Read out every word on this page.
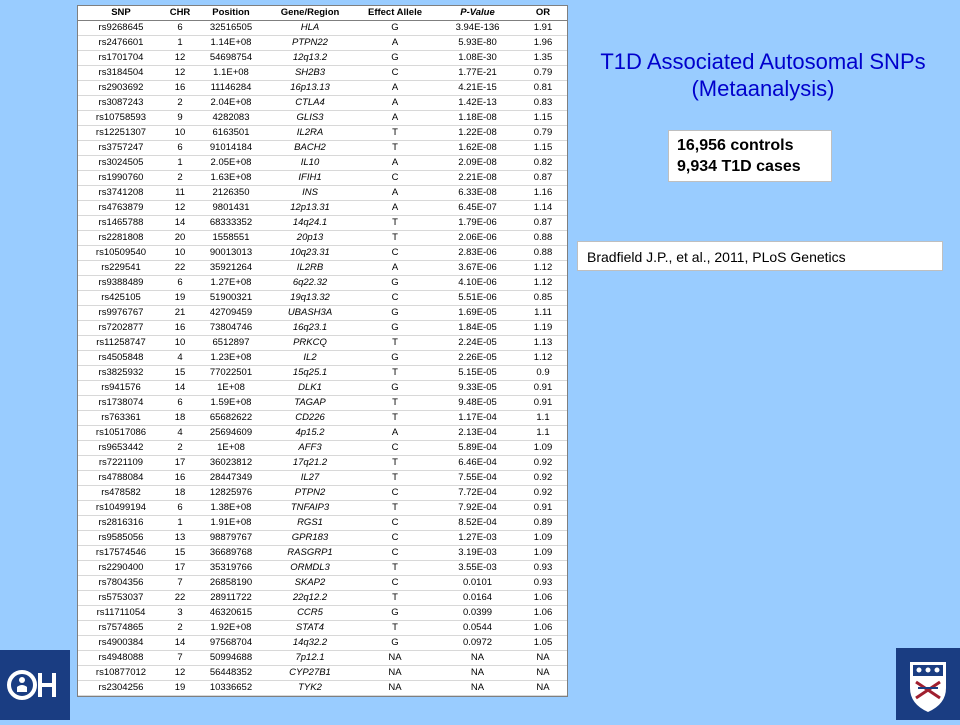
SNP	CHR	Position	Gene/Region	Effect Allele	P-Value	OR
rs9268645	6	32516505	HLA	G	3.94E-136	1.91
rs2476601	1	1.14E+08	PTPN22	A	5.93E-80	1.96
rs1701704	12	54698754	12q13.2	G	1.08E-30	1.35
rs3184504	12	1.1E+08	SH2B3	C	1.77E-21	0.79
rs2903692	16	11146284	16p13.13	A	4.21E-15	0.81
rs3087243	2	2.04E+08	CTLA4	A	1.42E-13	0.83
rs10758593	9	4282083	GLIS3	A	1.18E-08	1.15
rs12251307	10	6163501	IL2RA	T	1.22E-08	0.79
rs3757247	6	91014184	BACH2	T	1.62E-08	1.15
rs3024505	1	2.05E+08	IL10	A	2.09E-08	0.82
rs1990760	2	1.63E+08	IFIH1	C	2.21E-08	0.87
rs3741208	11	2126350	INS	A	6.33E-08	1.16
rs4763879	12	9801431	12p13.31	A	6.45E-07	1.14
rs1465788	14	68333352	14q24.1	T	1.79E-06	0.87
rs2281808	20	1558551	20p13	T	2.06E-06	0.88
rs10509540	10	90013013	10q23.31	C	2.83E-06	0.88
rs229541	22	35921264	IL2RB	A	3.67E-06	1.12
rs9388489	6	1.27E+08	6q22.32	G	4.10E-06	1.12
rs425105	19	51900321	19q13.32	C	5.51E-06	0.85
rs9976767	21	42709459	UBASH3A	G	1.69E-05	1.11
rs7202877	16	73804746	16q23.1	G	1.84E-05	1.19
rs11258747	10	6512897	PRKCQ	T	2.24E-05	1.13
rs4505848	4	1.23E+08	IL2	G	2.26E-05	1.12
rs3825932	15	77022501	15q25.1	T	5.15E-05	0.9
rs941576	14	1E+08	DLK1	G	9.33E-05	0.91
rs1738074	6	1.59E+08	TAGAP	T	9.48E-05	0.91
rs763361	18	65682622	CD226	T	1.17E-04	1.1
rs10517086	4	25694609	4p15.2	A	2.13E-04	1.1
rs9653442	2	1E+08	AFF3	C	5.89E-04	1.09
rs7221109	17	36023812	17q21.2	T	6.46E-04	0.92
rs4788084	16	28447349	IL27	T	7.55E-04	0.92
rs478582	18	12825976	PTPN2	C	7.72E-04	0.92
rs10499194	6	1.38E+08	TNFAIP3	T	7.92E-04	0.91
rs2816316	1	1.91E+08	RGS1	C	8.52E-04	0.89
rs9585056	13	98879767	GPR183	C	1.27E-03	1.09
rs17574546	15	36689768	RASGRP1	C	3.19E-03	1.09
rs2290400	17	35319766	ORMDL3	T	3.55E-03	0.93
rs7804356	7	26858190	SKAP2	C	0.0101	0.93
rs5753037	22	28911722	22q12.2	T	0.0164	1.06
rs11711054	3	46320615	CCR5	G	0.0399	1.06
rs7574865	2	1.92E+08	STAT4	T	0.0544	1.06
rs4900384	14	97568704	14q32.2	G	0.0972	1.05
rs4948088	7	50994688	7p12.1	NA	NA	NA
rs10877012	12	56448352	CYP27B1	NA	NA	NA
rs2304256	19	10336652	TYK2	NA	NA	NA
T1D Associated Autosomal SNPs
(Metaanalysis)
16,956 controls
9,934 T1D cases
Bradfield J.P., et al., 2011, PLoS Genetics
